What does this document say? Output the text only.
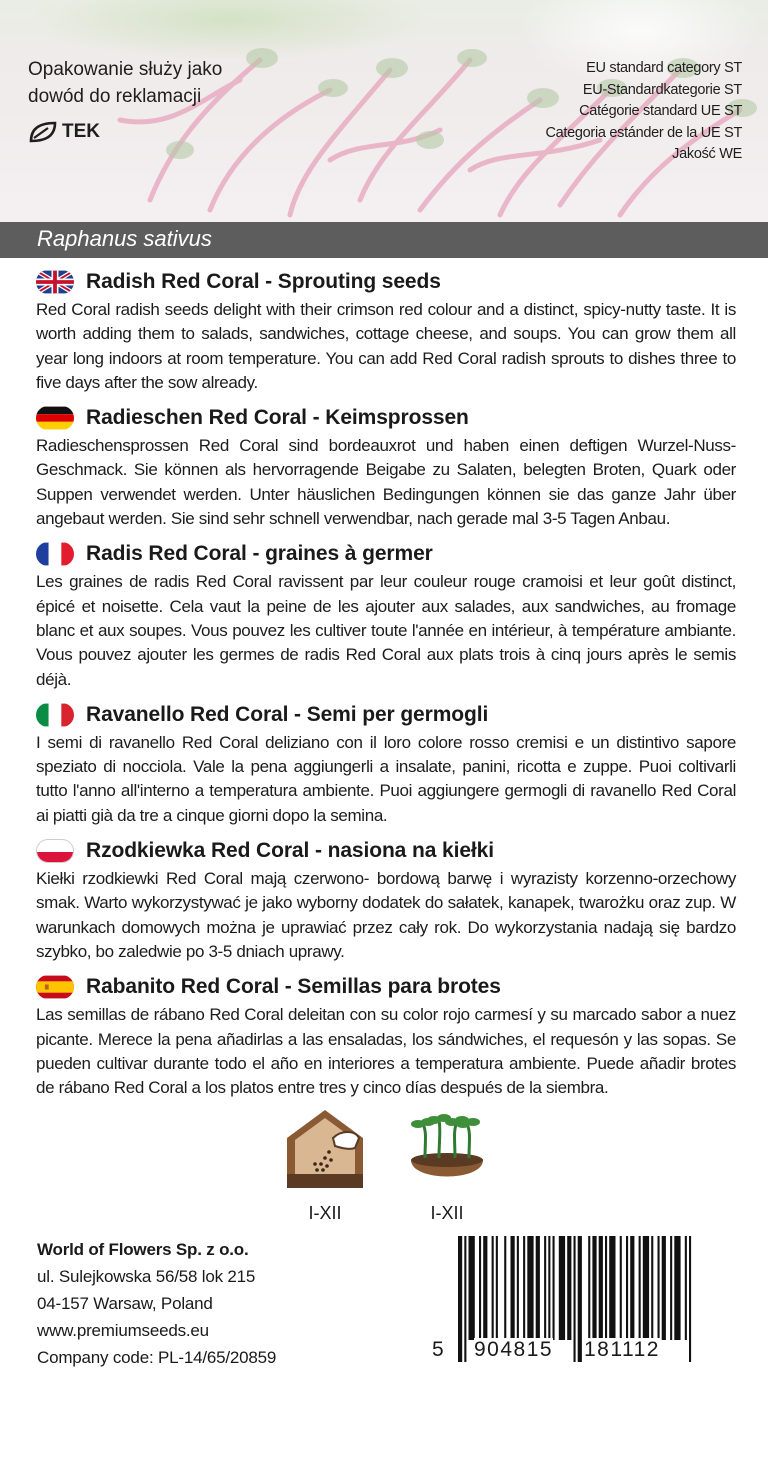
Opakowanie służy jako
dowód do reklamacji
TEK
EU standard category ST
EU-Standardkategorie ST
Catégorie standard UE ST
Categoria estánder de la UE ST
Jakość WE
Raphanus sativus
Radish Red Coral - Sprouting seeds
Red Coral radish seeds delight with their crimson red colour and a distinct, spicy-nutty taste. It is worth adding them to salads, sandwiches, cottage cheese, and soups. You can grow them all year long indoors at room temperature. You can add Red Coral radish sprouts to dishes three to five days after the sow already.
Radieschen Red Coral - Keimsprossen
Radieschensprossen Red Coral sind bordeauxrot und haben einen deftigen Wurzel-Nuss-Geschmack. Sie können als hervorragende Beigabe zu Salaten, belegten Broten, Quark oder Suppen verwendet werden. Unter häuslichen Bedingungen können sie das ganze Jahr über angebaut werden. Sie sind sehr schnell verwendbar, nach gerade mal 3-5 Tagen Anbau.
Radis Red Coral - graines à germer
Les graines de radis Red Coral ravissent par leur couleur rouge cramoisi et leur goût distinct, épicé et noisette. Cela vaut la peine de les ajouter aux salades, aux sandwiches, au fromage blanc et aux soupes. Vous pouvez les cultiver toute l'année en intérieur, à température ambiante. Vous pouvez ajouter les germes de radis Red Coral aux plats trois à cinq jours après le semis déjà.
Ravanello Red Coral - Semi per germogli
I semi di ravanello Red Coral deliziano con il loro colore rosso cremisi e un distintivo sapore speziato di nocciola. Vale la pena aggiungerli a insalate, panini, ricotta e zuppe. Puoi coltivarli tutto l'anno all'interno a temperatura ambiente. Puoi aggiungere germogli di ravanello Red Coral ai piatti già da tre a cinque giorni dopo la semina.
Rzodkiewka Red Coral - nasiona na kiełki
Kiełki rzodkiewki Red Coral mają czerwono- bordową barwę i wyrazisty korzenno-orzechowy smak. Warto wykorzystywać je jako wyborny dodatek do sałatek, kanapek, twarożku oraz zup. W warunkach domowych można je uprawiać przez cały rok. Do wykorzystania nadają się bardzo szybko, bo zaledwie po 3-5 dniach uprawy.
Rabanito Red Coral - Semillas para brotes
Las semillas de rábano Red Coral deleitan con su color rojo carmesí y su marcado sabor a nuez picante. Merece la pena añadirlas a las ensaladas, los sándwiches, el requesón y las sopas. Se pueden cultivar durante todo el año en interiores a temperatura ambiente. Puede añadir brotes de rábano Red Coral a los platos entre tres y cinco días después de la siembra.
I-XII	I-XII
World of Flowers Sp. z o.o.
ul. Sulejkowska 56/58 lok 215
04-157 Warsaw, Poland
www.premiumseeds.eu
Company code: PL-14/65/20859	5 904815 181112
